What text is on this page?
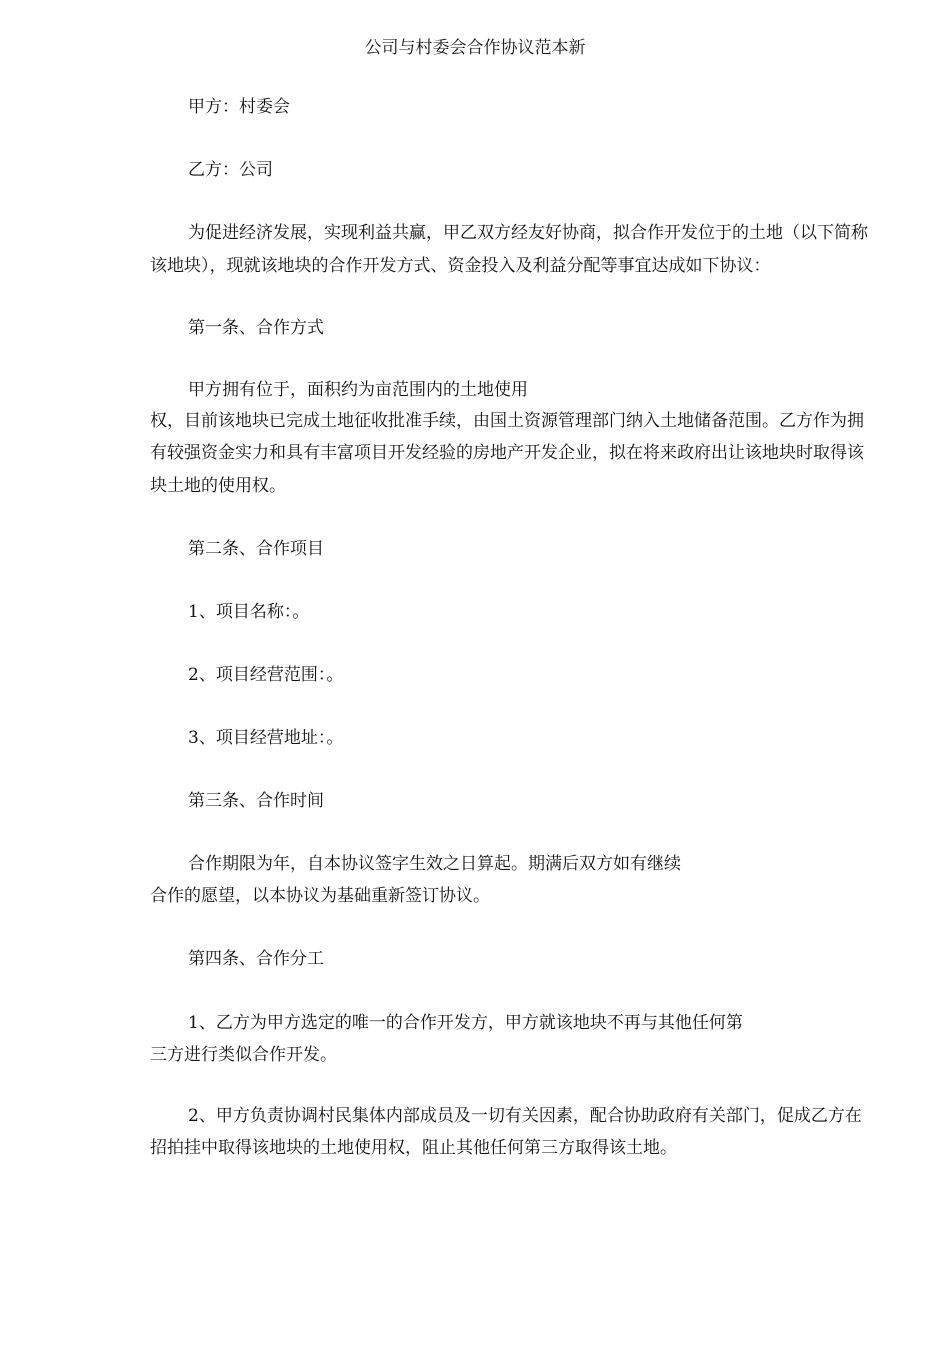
公司与村委会合作协议范本新
甲方：村委会
乙方：公司
为促进经济发展，实现利益共赢，甲乙双方经友好协商，拟合作开发位于的土地（以下简称
该地块），现就该地块的合作开发方式、资金投入及利益分配等事宜达成如下协议：
第一条、合作方式
甲方拥有位于，面积约为亩范围内的土地使用
权，目前该地块已完成土地征收批准手续，由国土资源管理部门纳入土地储备范围。乙方作为拥
有较强资金实力和具有丰富项目开发经验的房地产开发企业，拟在将来政府出让该地块时取得该
块土地的使用权。
第二条、合作项目
1、项目名称：。
2、项目经营范围：。
3、项目经营地址：。
第三条、合作时间
合作期限为年，自本协议签字生效之日算起。期满后双方如有继续
合作的愿望，以本协议为基础重新签订协议。
第四条、合作分工
1、乙方为甲方选定的唯一的合作开发方，甲方就该地块不再与其他任何第
三方进行类似合作开发。
2、甲方负责协调村民集体内部成员及一切有关因素，配合协助政府有关部门，促成乙方在
招拍挂中取得该地块的土地使用权，阻止其他任何第三方取得该土地。
